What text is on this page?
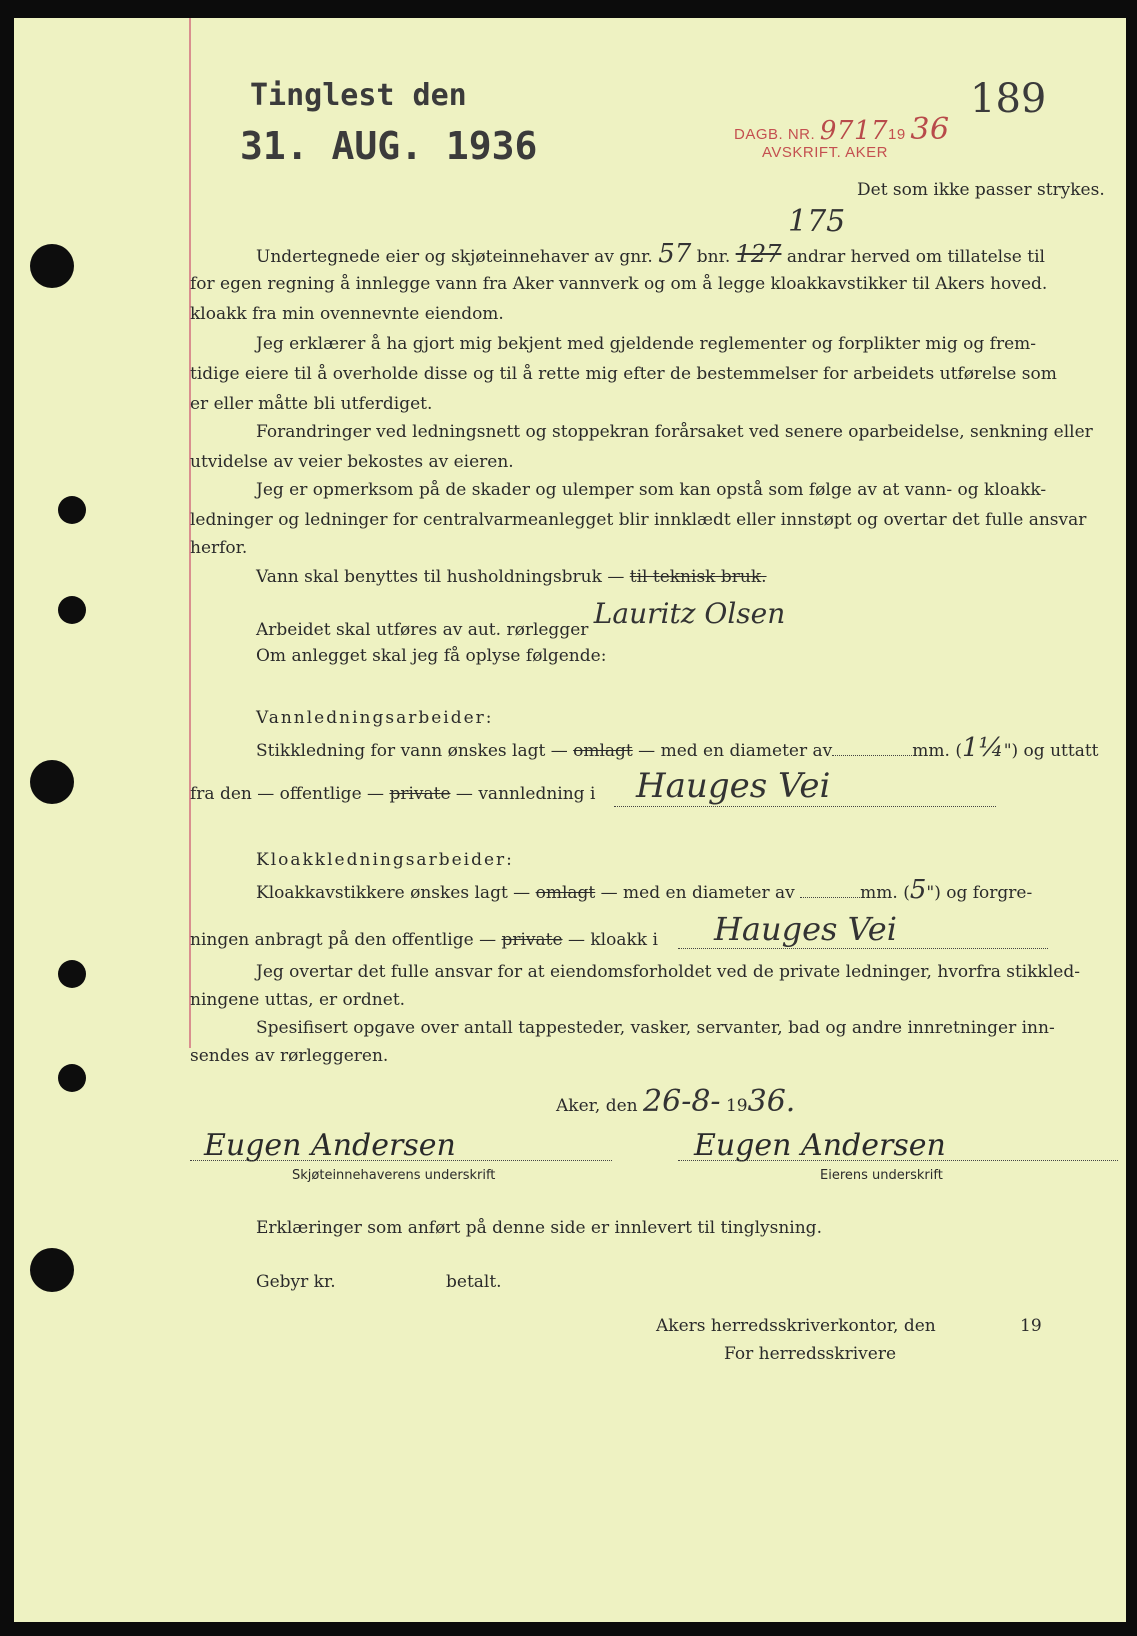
Tinglest den
31. AUG. 1936	DAGB. NR. 971719 36
AVSKRIFT. AKER
189
Det som ikke passer strykes.
Undertegnede eier og skjøteinnehaver av gnr. 57 bnr. 127 andrar herved om tillatelse til
175
for egen regning å innlegge vann fra Aker vannverk og om å legge kloakkavstikker til Akers hoved.
kloakk fra min ovennevnte eiendom.
Jeg erklærer å ha gjort mig bekjent med gjeldende reglementer og forplikter mig og frem-
tidige eiere til å overholde disse og til å rette mig efter de bestemmelser for arbeidets utførelse som
er eller måtte bli utferdiget.
Forandringer ved ledningsnett og stoppekran forårsaket ved senere oparbeidelse, senkning eller
utvidelse av veier bekostes av eieren.
Jeg er opmerksom på de skader og ulemper som kan opstå som følge av at vann- og kloakk-
ledninger og ledninger for centralvarmeanlegget blir innklædt eller innstøpt og overtar det fulle ansvar
herfor.
Vann skal benyttes til husholdningsbruk — til teknisk bruk.
Arbeidet skal utføres av aut. rørlegger Lauritz Olsen
Om anlegget skal jeg få oplyse følgende:
Vannledningsarbeider:
Stikkledning for vann ønskes lagt — omlagt — med en diameter av	mm. (1¼") og uttatt
fra den — offentlige — private — vannledning i Hauges Vei
Kloakkledningsarbeider:
Kloakkavstikkere ønskes lagt — omlagt — med en diameter av	mm. (5") og forgre-
ningen anbragt på den offentlige — private — kloakk i Hauges Vei
Jeg overtar det fulle ansvar for at eiendomsforholdet ved de private ledninger, hvorfra stikkled-
ningene uttas, er ordnet.
Spesifisert opgave over antall tappesteder, vasker, servanter, bad og andre innretninger inn-
sendes av rørleggeren.
Aker, den 26-8- 1936.
Eugen Andersen
Skjøteinnehaverens underskrift
Eugen Andersen
Eierens underskrift
Erklæringer som anført på denne side er innlevert til tinglysning.
Gebyr kr.	betalt.
Akers herredsskriverkontor, den	19
For herredsskrivere
